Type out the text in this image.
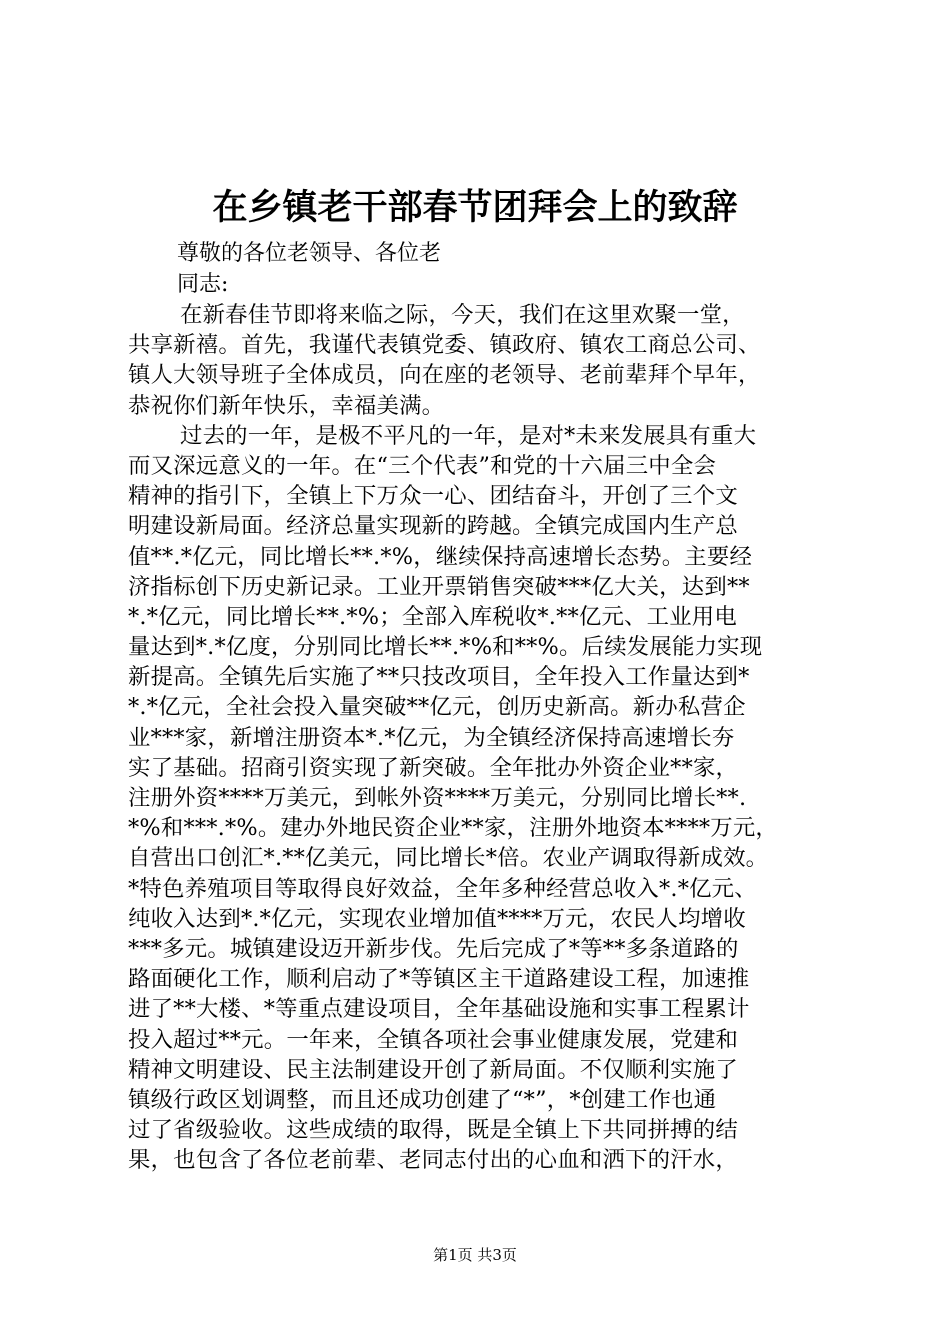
在乡镇老干部春节团拜会上的致辞

尊敬的各位老领导、各位老

同志:

在新春佳节即将来临之际，今天，我们在这里欢聚一堂，
共享新禧。首先，我谨代表镇党委、镇政府、镇农工商总公司、
镇人大领导班子全体成员，向在座的老领导、老前辈拜个早年，
恭祝你们新年快乐，幸福美满。
过去的一年，是极不平凡的一年，是对*未来发展具有重大
而又深远意义的一年。在“三个代表”和党的十六届三中全会
精神的指引下，全镇上下万众一心、团结奋斗，开创了三个文
明建设新局面。经济总量实现新的跨越。全镇完成国内生产总
值**.*亿元，同比增长**.*%，继续保持高速增长态势。主要经
济指标创下历史新记录。工业开票销售突破***亿大关，达到**
*.*亿元，同比增长**.*%；全部入库税收*.**亿元、工业用电
量达到*.*亿度，分别同比增长**.*%和**%。后续发展能力实现
新提高。全镇先后实施了**只技改项目，全年投入工作量达到*
*.*亿元，全社会投入量突破**亿元，创历史新高。新办私营企
业***家，新增注册资本*.*亿元，为全镇经济保持高速增长夯
实了基础。招商引资实现了新突破。全年批办外资企业**家，
注册外资****万美元，到帐外资****万美元，分别同比增长**.
*%和***.*%。建办外地民资企业**家，注册外地资本****万元，
自营出口创汇*.**亿美元，同比增长*倍。农业产调取得新成效。
*特色养殖项目等取得良好效益，全年多种经营总收入*.*亿元、
纯收入达到*.*亿元，实现农业增加值****万元，农民人均增收
***多元。城镇建设迈开新步伐。先后完成了*等**多条道路的
路面硬化工作，顺利启动了*等镇区主干道路建设工程，加速推
进了**大楼、*等重点建设项目，全年基础设施和实事工程累计
投入超过**元。一年来，全镇各项社会事业健康发展，党建和
精神文明建设、民主法制建设开创了新局面。不仅顺利实施了
镇级行政区划调整，而且还成功创建了“*”，*创建工作也通
过了省级验收。这些成绩的取得，既是全镇上下共同拼搏的结
果，也包含了各位老前辈、老同志付出的心血和洒下的汗水，

第1页 共3页
